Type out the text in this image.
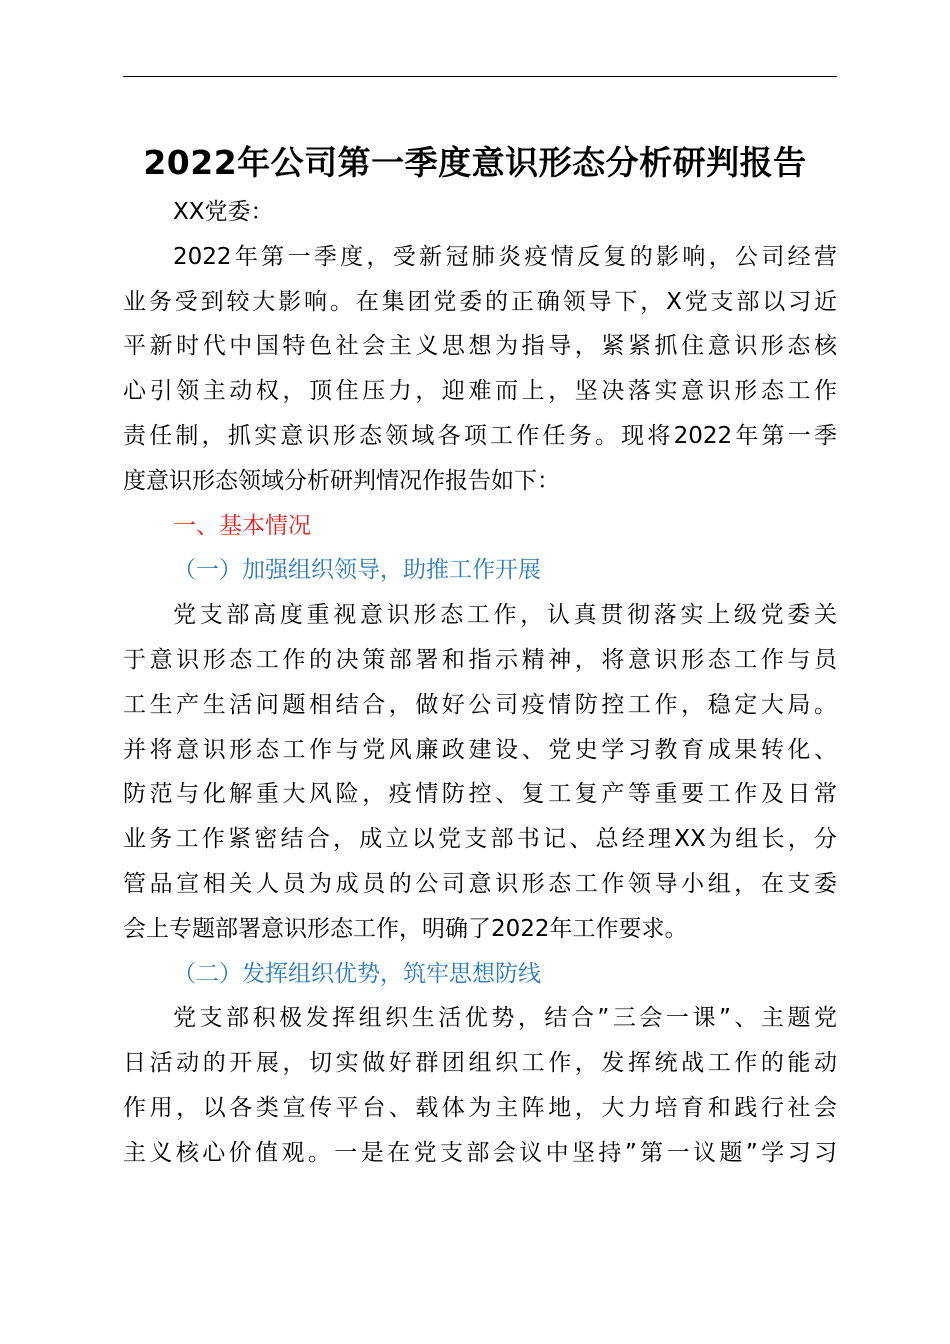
2022年公司第一季度意识形态分析研判报告
XX党委：
2022年第一季度，受新冠肺炎疫情反复的影响，公司经营
业务受到较大影响。在集团党委的正确领导下，X党支部以习近
平新时代中国特色社会主义思想为指导，紧紧抓住意识形态核
心引领主动权，顶住压力，迎难而上，坚决落实意识形态工作
责任制，抓实意识形态领域各项工作任务。现将2022年第一季
度意识形态领域分析研判情况作报告如下：
一、基本情况
（一）加强组织领导，助推工作开展
党支部高度重视意识形态工作，认真贯彻落实上级党委关
于意识形态工作的决策部署和指示精神，将意识形态工作与员
工生产生活问题相结合，做好公司疫情防控工作，稳定大局。
并将意识形态工作与党风廉政建设、党史学习教育成果转化、
防范与化解重大风险，疫情防控、复工复产等重要工作及日常
业务工作紧密结合，成立以党支部书记、总经理XX为组长，分
管品宣相关人员为成员的公司意识形态工作领导小组，在支委
会上专题部署意识形态工作，明确了2022年工作要求。
（二）发挥组织优势，筑牢思想防线
党支部积极发挥组织生活优势，结合”三会一课”、主题党
日活动的开展，切实做好群团组织工作，发挥统战工作的能动
作用，以各类宣传平台、载体为主阵地，大力培育和践行社会
主义核心价值观。一是在党支部会议中坚持”第一议题”学习习
